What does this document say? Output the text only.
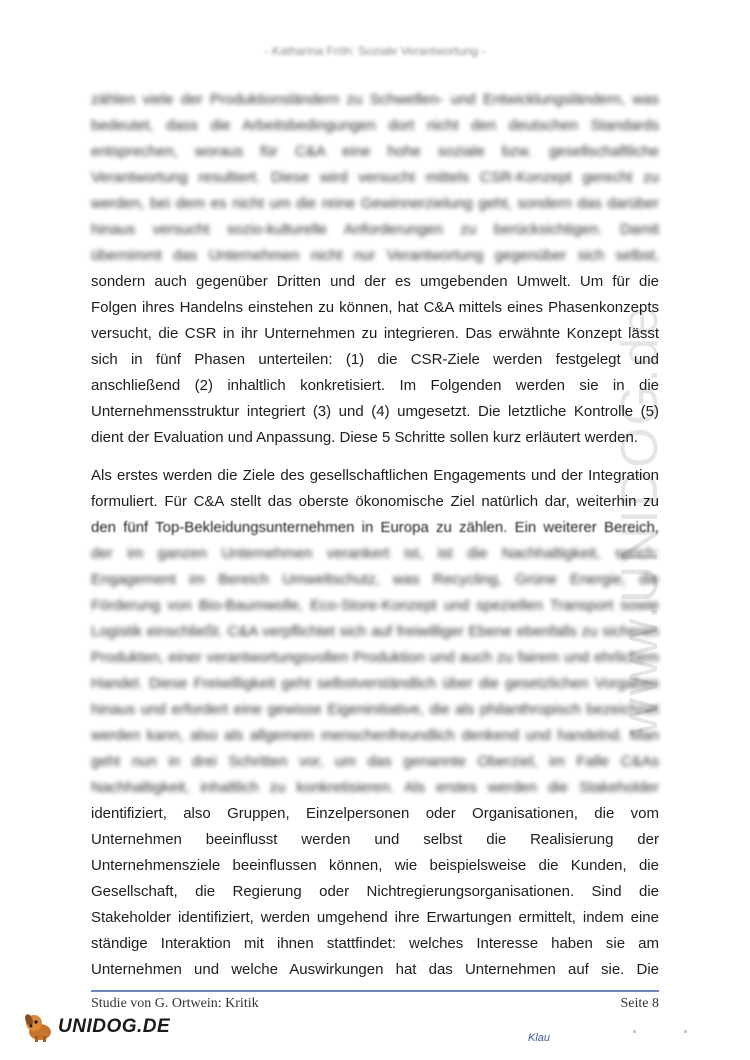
- Katharina Fröh: Soziale Verantwortung -
zählen viele der Produktionsländern zu Schwellen- und Entwicklungsländern, was
bedeutet, dass die Arbeitsbedingungen dort nicht den deutschen Standards
entsprechen, woraus für C&A eine hohe soziale bzw. gesellschaftliche
Verantwortung resultiert. Diese wird versucht mittels CSR-Konzept gerecht zu
werden, bei dem es nicht um die reine Gewinnerzielung geht, sondern das darüber
hinaus versucht sozio-kulturelle Anforderungen zu berücksichtigen. Damit
übernimmt das Unternehmen nicht nur Verantwortung gegenüber sich selbst,
sondern auch gegenüber Dritten und der es umgebenden Umwelt. Um für die
Folgen ihres Handelns einstehen zu können, hat C&A mittels eines Phasenkonzepts
versucht, die CSR in ihr Unternehmen zu integrieren. Das erwähnte Konzept lässt
sich in fünf Phasen unterteilen: (1) die CSR-Ziele werden festgelegt und
anschließend (2) inhaltlich konkretisiert. Im Folgenden werden sie in die
Unternehmensstruktur integriert (3) und (4) umgesetzt. Die letztliche Kontrolle (5)
dient der Evaluation und Anpassung. Diese 5 Schritte sollen kurz erläutert werden.
Als erstes werden die Ziele des gesellschaftlichen Engagements und der Integration
formuliert. Für C&A stellt das oberste ökonomische Ziel natürlich dar, weiterhin zu
den fünf Top-Bekleidungsunternehmen in Europa zu zählen. Ein weiterer Bereich,
der im ganzen Unternehmen verankert ist, ist die Nachhaltigkeit, sprich:
Engagement im Bereich Umweltschutz, was Recycling, Grüne Energie, die
Förderung von Bio-Baumwolle, Eco-Store-Konzept und speziellen Transport sowie
Logistik einschließt. C&A verpflichtet sich auf freiwilliger Ebene ebenfalls zu sicheren
Produkten, einer verantwortungsvollen Produktion und auch zu fairem und ehrlichem
Handel. Diese Freiwilligkeit geht selbstverständlich über die gesetzlichen Vorgaben
hinaus und erfordert eine gewisse Eigeninitiative, die als philanthropisch bezeichnet
werden kann, also als allgemein menschenfreundlich denkend und handelnd. Man
geht nun in drei Schritten vor, um das genannte Oberziel, im Falle C&As
Nachhaltigkeit, inhaltlich zu konkretisieren. Als erstes werden die Stakeholder
identifiziert, also Gruppen, Einzelpersonen oder Organisationen, die vom
Unternehmen beeinflusst werden und selbst die Realisierung der
Unternehmensziele beeinflussen können, wie beispielsweise die Kunden, die
Gesellschaft, die Regierung oder Nichtregierungsorganisationen. Sind die
Stakeholder identifiziert, werden umgehend ihre Erwartungen ermittelt, indem eine
ständige Interaktion mit ihnen stattfindet: welches Interesse haben sie am
Unternehmen und welche Auswirkungen hat das Unternehmen auf sie. Die
www.UNIDOG.de
Studie von G. Ortwein: Kritik	Seite 8
UNIDOG.DE
Klau
